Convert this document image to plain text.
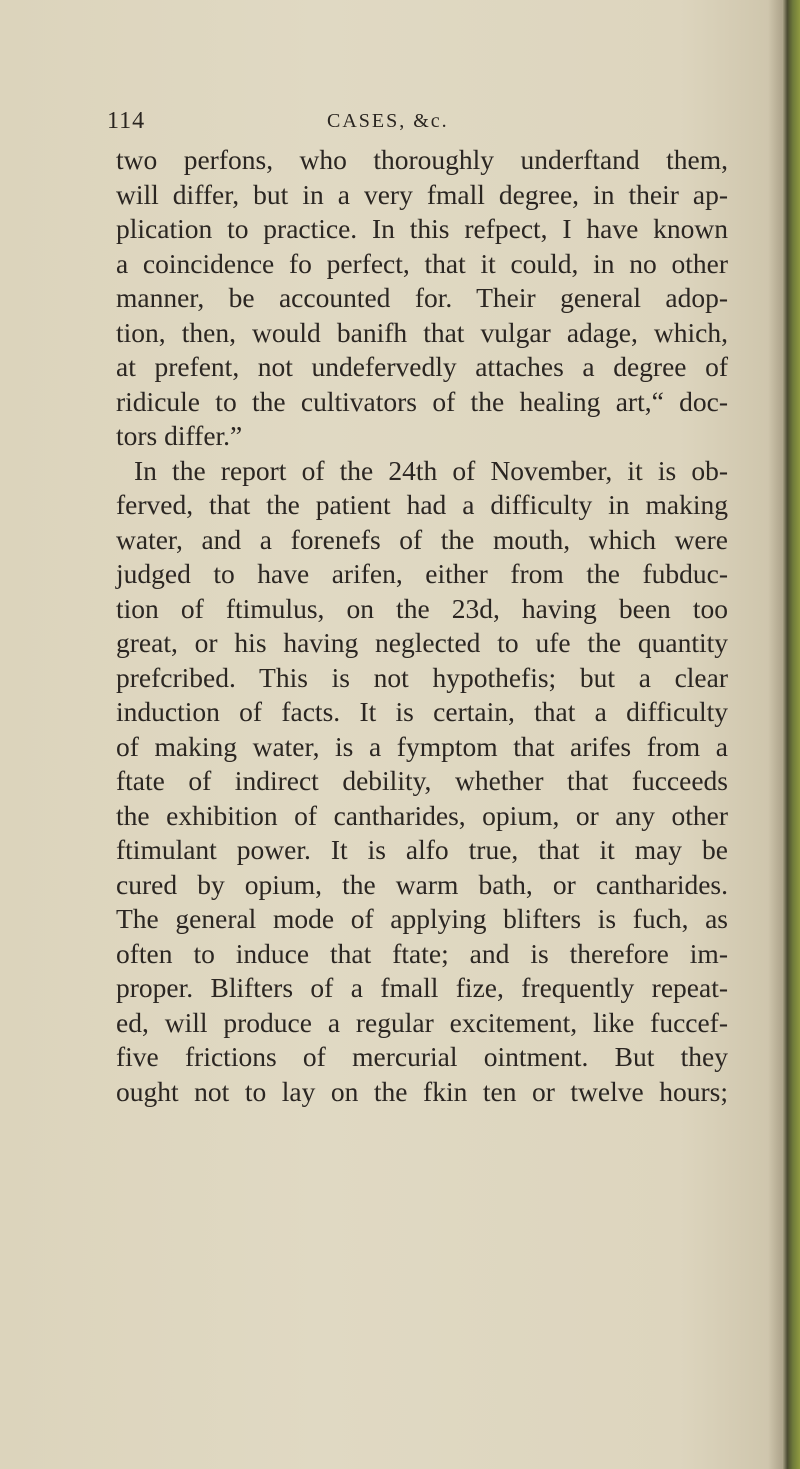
114	CASES, &c.
two perfons, who thoroughly underftand them,
will differ, but in a very fmall degree, in their ap-
plication to practice. In this refpect, I have known
a coincidence fo perfect, that it could, in no other
manner, be accounted for. Their general adop-
tion, then, would banifh that vulgar adage, which,
at prefent, not undefervedly attaches a degree of
ridicule to the cultivators of the healing art,“ doc-
tors differ.”
In the report of the 24th of November, it is ob-
ferved, that the patient had a difficulty in making
water, and a forenefs of the mouth, which were
judged to have arifen, either from the fubduc-
tion of ftimulus, on the 23d, having been too
great, or his having neglected to ufe the quantity
prefcribed. This is not hypothefis; but a clear
induction of facts. It is certain, that a difficulty
of making water, is a fymptom that arifes from a
ftate of indirect debility, whether that fucceeds
the exhibition of cantharides, opium, or any other
ftimulant power. It is alfo true, that it may be
cured by opium, the warm bath, or cantharides.
The general mode of applying blifters is fuch, as
often to induce that ftate; and is therefore im-
proper. Blifters of a fmall fize, frequently repeat-
ed, will produce a regular excitement, like fuccef-
five frictions of mercurial ointment. But they
ought not to lay on the fkin ten or twelve hours;
